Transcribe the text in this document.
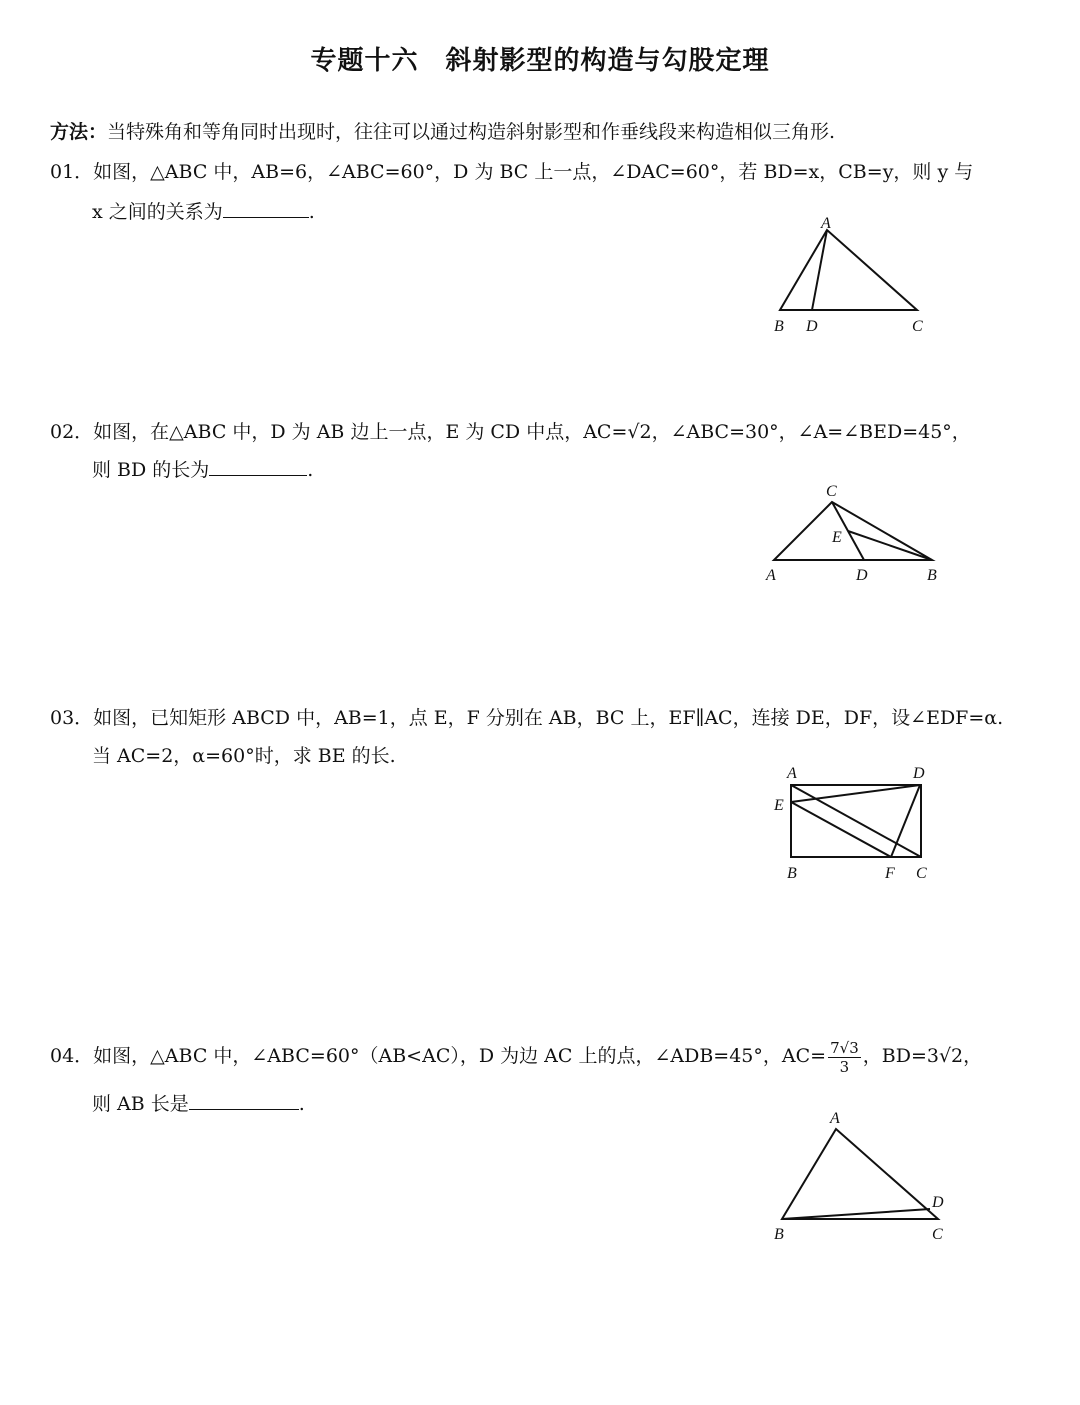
专题十六　斜射影型的构造与勾股定理
方法：当特殊角和等角同时出现时，往往可以通过构造斜射影型和作垂线段来构造相似三角形.
01．如图，△ABC 中，AB=6，∠ABC=60°，D 为 BC 上一点，∠DAC=60°，若 BD=x，CB=y，则 y 与
x 之间的关系为	.
A
B D	C
02．如图，在△ABC 中，D 为 AB 边上一点，E 为 CD 中点，AC=√2，∠ABC=30°，∠A=∠BED=45°，
则 BD 的长为	.
C
E
A	D	B
03．如图，已知矩形 ABCD 中，AB=1，点 E，F 分别在 AB，BC 上，EF∥AC，连接 DE，DF，设∠EDF=α.
当 AC=2，α=60°时，求 BE 的长.
A	D
E
B	F C
04．如图，△ABC 中，∠ABC=60°（AB<AC），D 为边 AC 上的点，∠ADB=45°，$AC= \frac{7√3}{3}$ ，BD=3√2，
则 AB 长是	.
A
D
B	C
